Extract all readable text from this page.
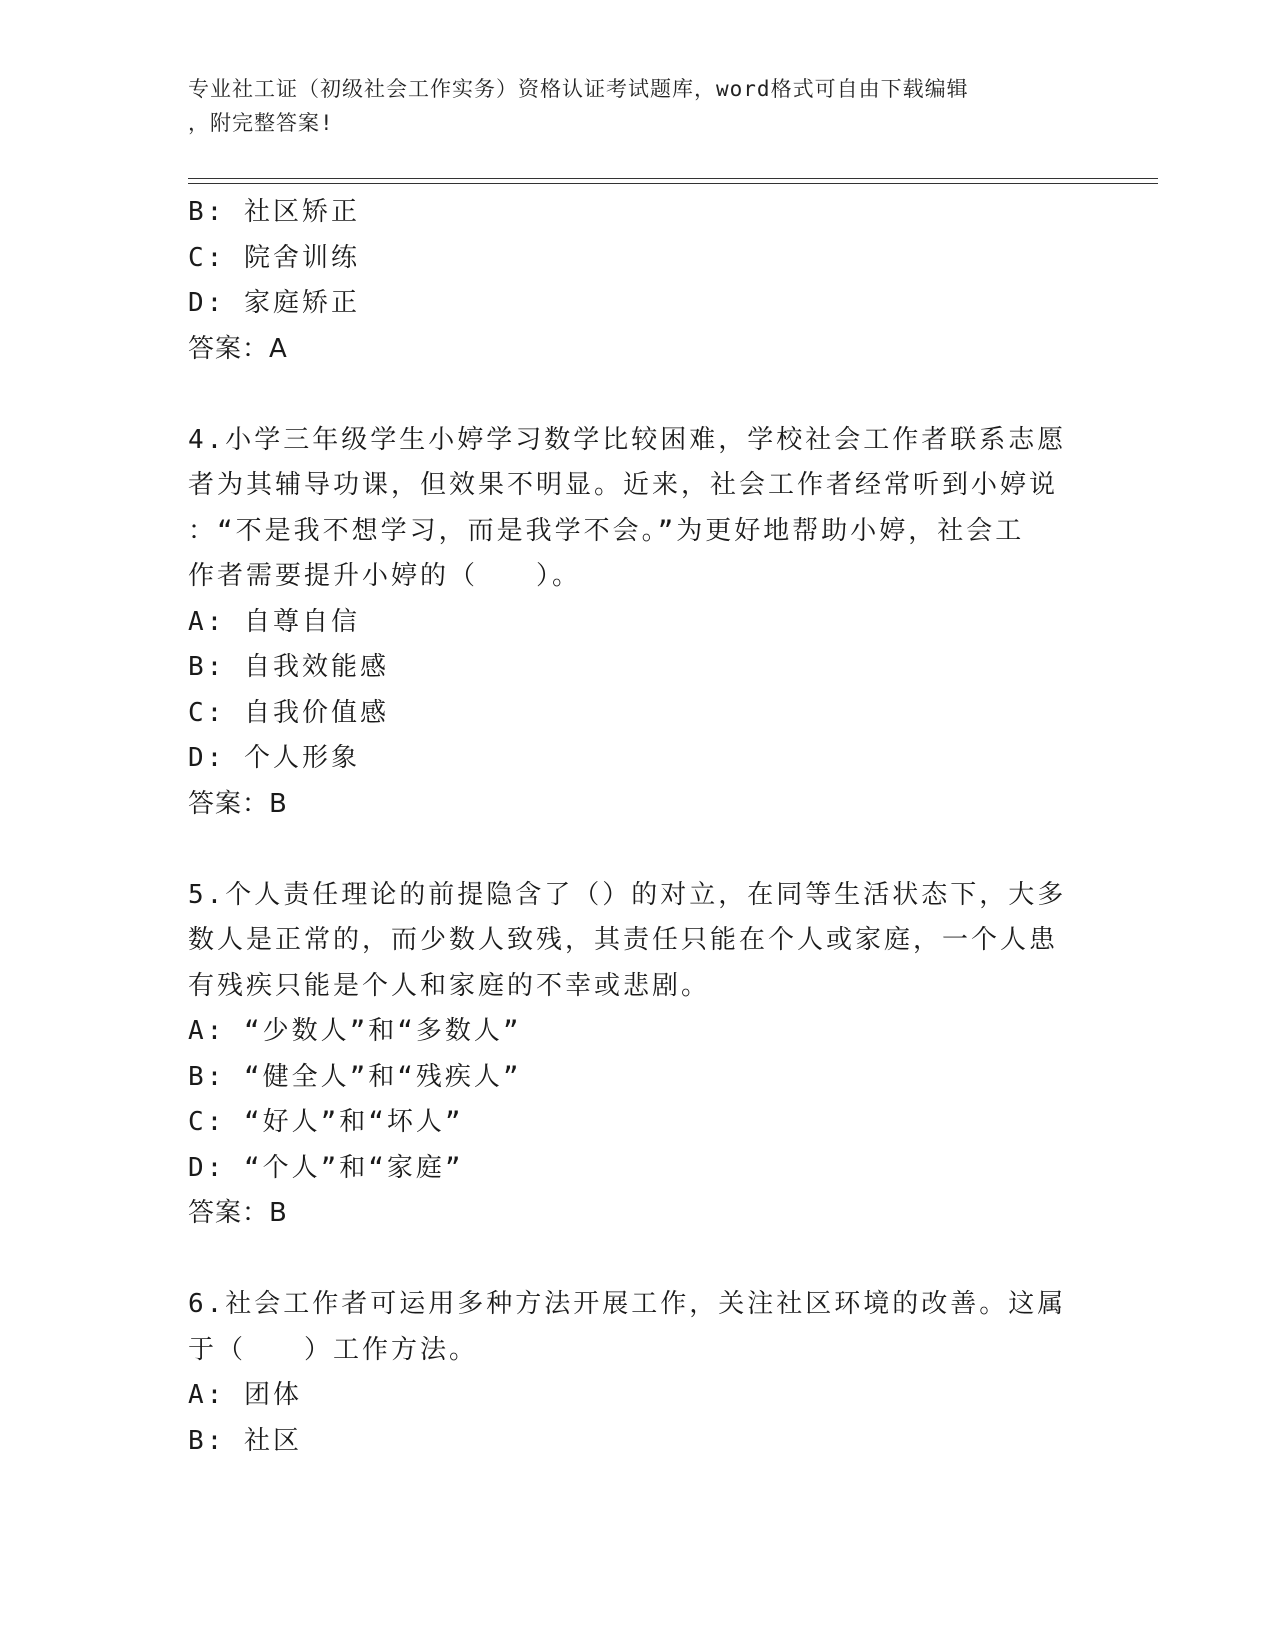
专业社工证（初级社会工作实务）资格认证考试题库，word格式可自由下载编辑
，附完整答案!
B: 社区矫正
C: 院舍训练
D: 家庭矫正
答案：A
4.小学三年级学生小婷学习数学比较困难，学校社会工作者联系志愿
者为其辅导功课，但效果不明显。近来，社会工作者经常听到小婷说
：“不是我不想学习，而是我学不会。”为更好地帮助小婷，社会工
作者需要提升小婷的（　　）。
A: 自尊自信
B: 自我效能感
C: 自我价值感
D: 个人形象
答案：B
5.个人责任理论的前提隐含了（）的对立，在同等生活状态下，大多
数人是正常的，而少数人致残，其责任只能在个人或家庭，一个人患
有残疾只能是个人和家庭的不幸或悲剧。
A: “少数人”和“多数人”
B: “健全人”和“残疾人”
C: “好人”和“坏人”
D: “个人”和“家庭”
答案：B
6.社会工作者可运用多种方法开展工作，关注社区环境的改善。这属
于（　　）工作方法。
A: 团体
B: 社区
